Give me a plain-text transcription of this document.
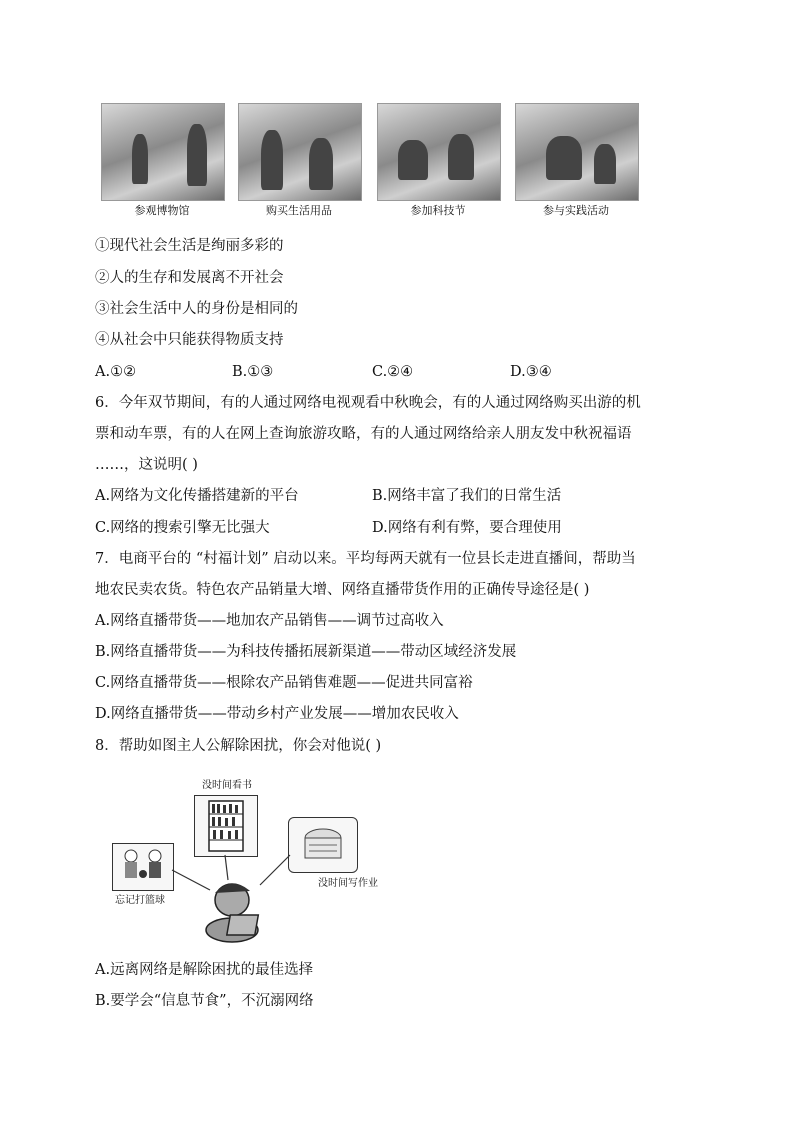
参观博物馆	购买生活用品	参加科技节	参与实践活动
①现代社会生活是绚丽多彩的
②人的生存和发展离不开社会
③社会生活中人的身份是相同的
④从社会中只能获得物质支持
A.①②	B.①③	C.②④	D.③④
6．今年双节期间，有的人通过网络电视观看中秋晚会，有的人通过网络购买出游的机
票和动车票，有的人在网上查询旅游攻略，有的人通过网络给亲人朋友发中秋祝福语
……，这说明( )
A.网络为文化传播搭建新的平台	B.网络丰富了我们的日常生活
C.网络的搜索引擎无比强大	D.网络有利有弊，要合理使用
7．电商平台的 “村福计划” 启动以来。平均每两天就有一位县长走进直播间，帮助当
地农民卖农货。特色农产品销量大增、网络直播带货作用的正确传导途径是( )
A.网络直播带货——地加农产品销售——调节过高收入
B.网络直播带货——为科技传播拓展新渠道——带动区域经济发展
C.网络直播带货——根除农产品销售难题——促进共同富裕
D.网络直播带货——带动乡村产业发展——增加农民收入
8．帮助如图主人公解除困扰，你会对他说( )
没时间看书
没时间写作业
忘记打篮球
A.远离网络是解除困扰的最佳选择
B.要学会“信息节食”，不沉溺网络
